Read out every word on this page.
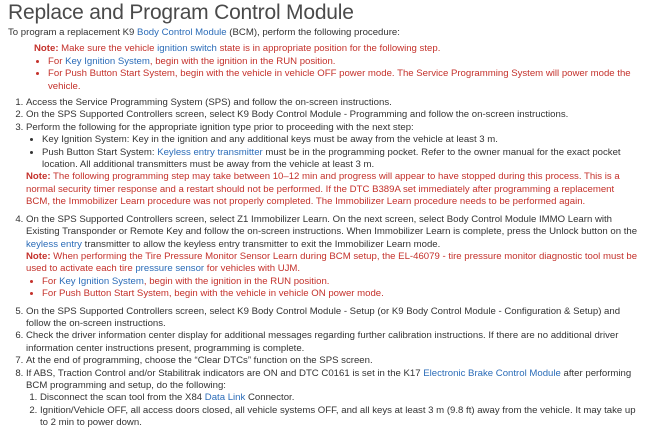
Replace and Program Control Module
To program a replacement K9 Body Control Module (BCM), perform the following procedure:
Note: Make sure the vehicle ignition switch state is in appropriate position for the following step.
• For Key Ignition System, begin with the ignition in the RUN position.
• For Push Button Start System, begin with the vehicle in vehicle OFF power mode. The Service Programming System will power mode the vehicle.
1. Access the Service Programming System (SPS) and follow the on-screen instructions.
2. On the SPS Supported Controllers screen, select K9 Body Control Module - Programming and follow the on-screen instructions.
3. Perform the following for the appropriate ignition type prior to proceeding with the next step:
• Key Ignition System: Key in the ignition and any additional keys must be away from the vehicle at least 3 m.
• Push Button Start System: Keyless entry transmitter must be in the programming pocket. Refer to the owner manual for the exact pocket location. All additional transmitters must be away from the vehicle at least 3 m.
Note: The following programming step may take between 10–12 min and progress will appear to have stopped during this process. This is a normal security timer response and a restart should not be performed. If the DTC B389A set immediately after programming a replacement BCM, the Immobilizer Learn procedure was not properly completed. The Immobilizer Learn procedure needs to be performed again.
4. On the SPS Supported Controllers screen, select Z1 Immobilizer Learn. On the next screen, select Body Control Module IMMO Learn with Existing Transponder or Remote Key and follow the on-screen instructions. When Immobilizer Learn is complete, press the Unlock button on the keyless entry transmitter to allow the keyless entry transmitter to exit the Immobilizer Learn mode.
Note: When performing the Tire Pressure Monitor Sensor Learn during BCM setup, the EL-46079 - tire pressure monitor diagnostic tool must be used to activate each tire pressure sensor for vehicles with UJM.
• For Key Ignition System, begin with the ignition in the RUN position.
• For Push Button Start System, begin with the vehicle in vehicle ON power mode.
5. On the SPS Supported Controllers screen, select K9 Body Control Module - Setup (or K9 Body Control Module - Configuration & Setup) and follow the on-screen instructions.
6. Check the driver information center display for additional messages regarding further calibration instructions. If there are no additional driver information center instructions present, programming is complete.
7. At the end of programming, choose the “Clear DTCs” function on the SPS screen.
8. If ABS, Traction Control and/or Stabilitrak indicators are ON and DTC C0161 is set in the K17 Electronic Brake Control Module after performing BCM programming and setup, do the following:
1. Disconnect the scan tool from the X84 Data Link Connector.
2. Ignition/Vehicle OFF, all access doors closed, all vehicle systems OFF, and all keys at least 3 m (9.8 ft) away from the vehicle. It may take up to 2 min to power down.
